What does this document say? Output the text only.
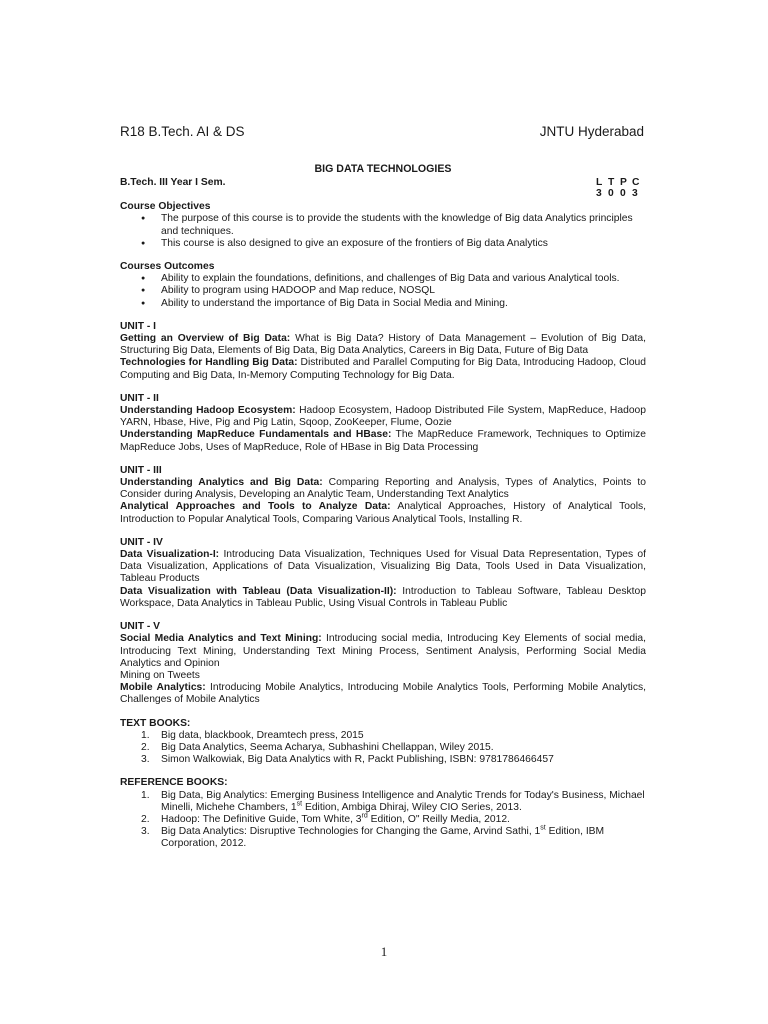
R18 B.Tech. AI & DS	JNTU Hyderabad
BIG DATA TECHNOLOGIES
B.Tech. III Year I Sem.	L T P C
3 0 0 3
Course Objectives
● The purpose of this course is to provide the students with the knowledge of Big data Analytics principles and techniques.
● This course is also designed to give an exposure of the frontiers of Big data Analytics
Courses Outcomes
● Ability to explain the foundations, definitions, and challenges of Big Data and various Analytical tools.
● Ability to program using HADOOP and Map reduce, NOSQL
● Ability to understand the importance of Big Data in Social Media and Mining.
UNIT - I

Getting an Overview of Big Data: What is Big Data? History of Data Management – Evolution of Big Data, Structuring Big Data, Elements of Big Data, Big Data Analytics, Careers in Big Data, Future of Big Data

Technologies for Handling Big Data: Distributed and Parallel Computing for Big Data, Introducing Hadoop, Cloud Computing and Big Data, In-Memory Computing Technology for Big Data.

UNIT - II

Understanding Hadoop Ecosystem: Hadoop Ecosystem, Hadoop Distributed File System, MapReduce, Hadoop YARN, Hbase, Hive, Pig and Pig Latin, Sqoop, ZooKeeper, Flume, Oozie

Understanding MapReduce Fundamentals and HBase: The MapReduce Framework, Techniques to Optimize MapReduce Jobs, Uses of MapReduce, Role of HBase in Big Data Processing

UNIT - III

Understanding Analytics and Big Data: Comparing Reporting and Analysis, Types of Analytics, Points to Consider during Analysis, Developing an Analytic Team, Understanding Text Analytics

Analytical Approaches and Tools to Analyze Data: Analytical Approaches, History of Analytical Tools, Introduction to Popular Analytical Tools, Comparing Various Analytical Tools, Installing R.

UNIT - IV

Data Visualization-I: Introducing Data Visualization, Techniques Used for Visual Data Representation, Types of Data Visualization, Applications of Data Visualization, Visualizing Big Data, Tools Used in Data Visualization, Tableau Products

Data Visualization with Tableau (Data Visualization-II): Introduction to Tableau Software, Tableau Desktop Workspace, Data Analytics in Tableau Public, Using Visual Controls in Tableau Public

UNIT - V

Social Media Analytics and Text Mining: Introducing social media, Introducing Key Elements of social media, Introducing Text Mining, Understanding Text Mining Process, Sentiment Analysis, Performing Social Media Analytics and Opinion

Mining on Tweets

Mobile Analytics: Introducing Mobile Analytics, Introducing Mobile Analytics Tools, Performing Mobile Analytics, Challenges of Mobile Analytics

TEXT BOOKS:
1. Big data, blackbook, Dreamtech press, 2015
2. Big Data Analytics, Seema Acharya, Subhashini Chellappan, Wiley 2015.
3. Simon Walkowiak, Big Data Analytics with R, Packt Publishing, ISBN: 9781786466457
REFERENCE BOOKS:
1. Big Data, Big Analytics: Emerging Business Intelligence and Analytic Trends for Today's Business, Michael Minelli, Michehe Chambers, 1st Edition, Ambiga Dhiraj, Wiley CIO Series, 2013.
2. Hadoop: The Definitive Guide, Tom White, 3rd Edition, O" Reilly Media, 2012.
3. Big Data Analytics: Disruptive Technologies for Changing the Game, Arvind Sathi, 1st Edition, IBM Corporation, 2012.
1
